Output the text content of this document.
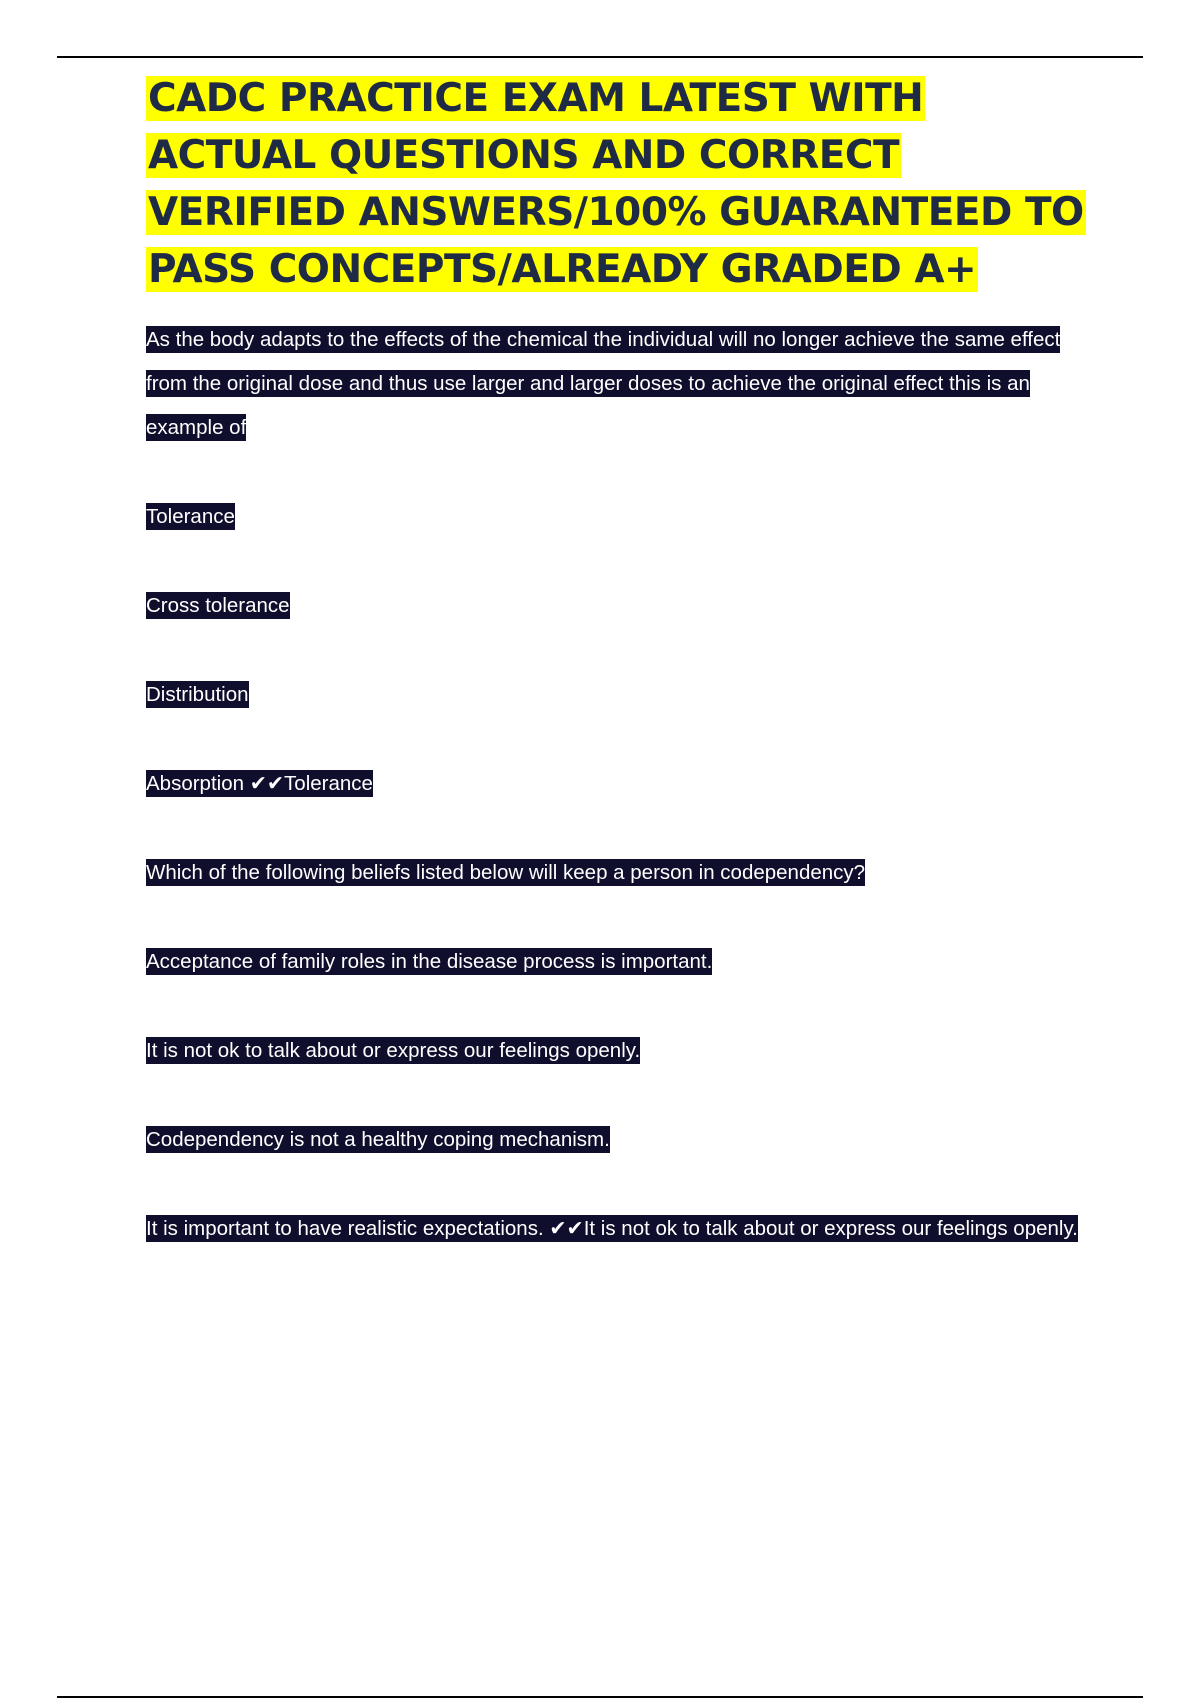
CADC PRACTICE EXAM LATEST WITH ACTUAL QUESTIONS AND CORRECT VERIFIED ANSWERS/100% GUARANTEED TO PASS CONCEPTS/ALREADY GRADED A+

As the body adapts to the effects of the chemical the individual will no longer achieve the same effect from the original dose and thus use larger and larger doses to achieve the original effect this is an example of

Tolerance

Cross tolerance

Distribution

Absorption ✔✔Tolerance

Which of the following beliefs listed below will keep a person in codependency?

Acceptance of family roles in the disease process is important.

It is not ok to talk about or express our feelings openly.

Codependency is not a healthy coping mechanism.

It is important to have realistic expectations. ✔✔It is not ok to talk about or express our feelings openly.
